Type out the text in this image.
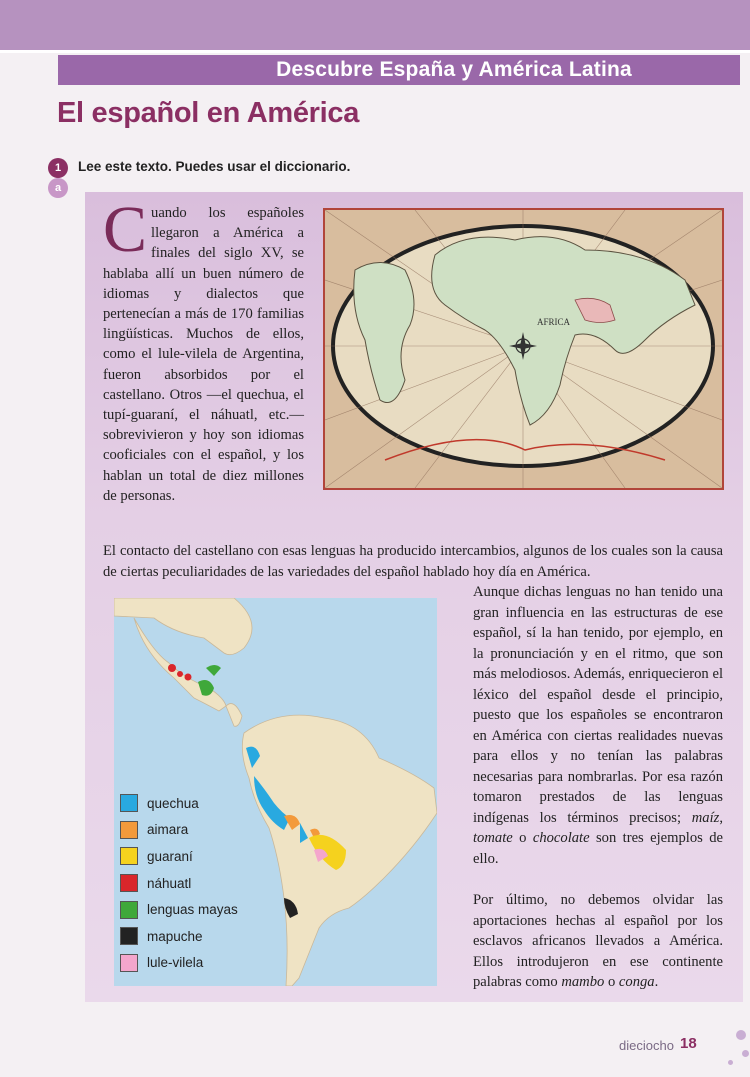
Descubre España y América Latina
El español en América
1
a
Lee este texto. Puedes usar el diccionario.
Cuando los españoles llegaron a América a finales del siglo XV, se hablaba allí un buen número de idiomas y dialectos que pertenecían a más de 170 familias lingüísticas. Muchos de ellos, como el lule-vilela de Argentina, fueron absorbidos por el castellano. Otros —el quechua, el tupí-guaraní, el náhuatl, etc.— sobrevivieron y hoy son idiomas cooficiales con el español, y los hablan un total de diez millones de personas.
AFRICA
El contacto del castellano con esas lenguas ha producido intercambios, algunos de los cuales son la causa de ciertas peculiaridades de las variedades del español hablado hoy día en América.
Aunque dichas lenguas no han tenido una gran influencia en las estructuras de ese español, sí la han tenido, por ejemplo, en la pronunciación y en el ritmo, que son más melodiosos. Además, enriquecieron el léxico del español desde el principio, puesto que los españoles se encontraron en América con ciertas realidades nuevas para ellos y no tenían las palabras necesarias para nombrarlas. Por esa razón tomaron prestados de las lenguas indígenas los términos precisos; maíz, tomate o chocolate son tres ejemplos de ello.
Por último, no debemos olvidar las aportaciones hechas al español por los esclavos africanos llevados a América. Ellos introdujeron en ese continente palabras como mambo o conga.
quechua
aimara
guaraní
náhuatl
lenguas mayas
mapuche
lule-vilela
dieciocho 18
